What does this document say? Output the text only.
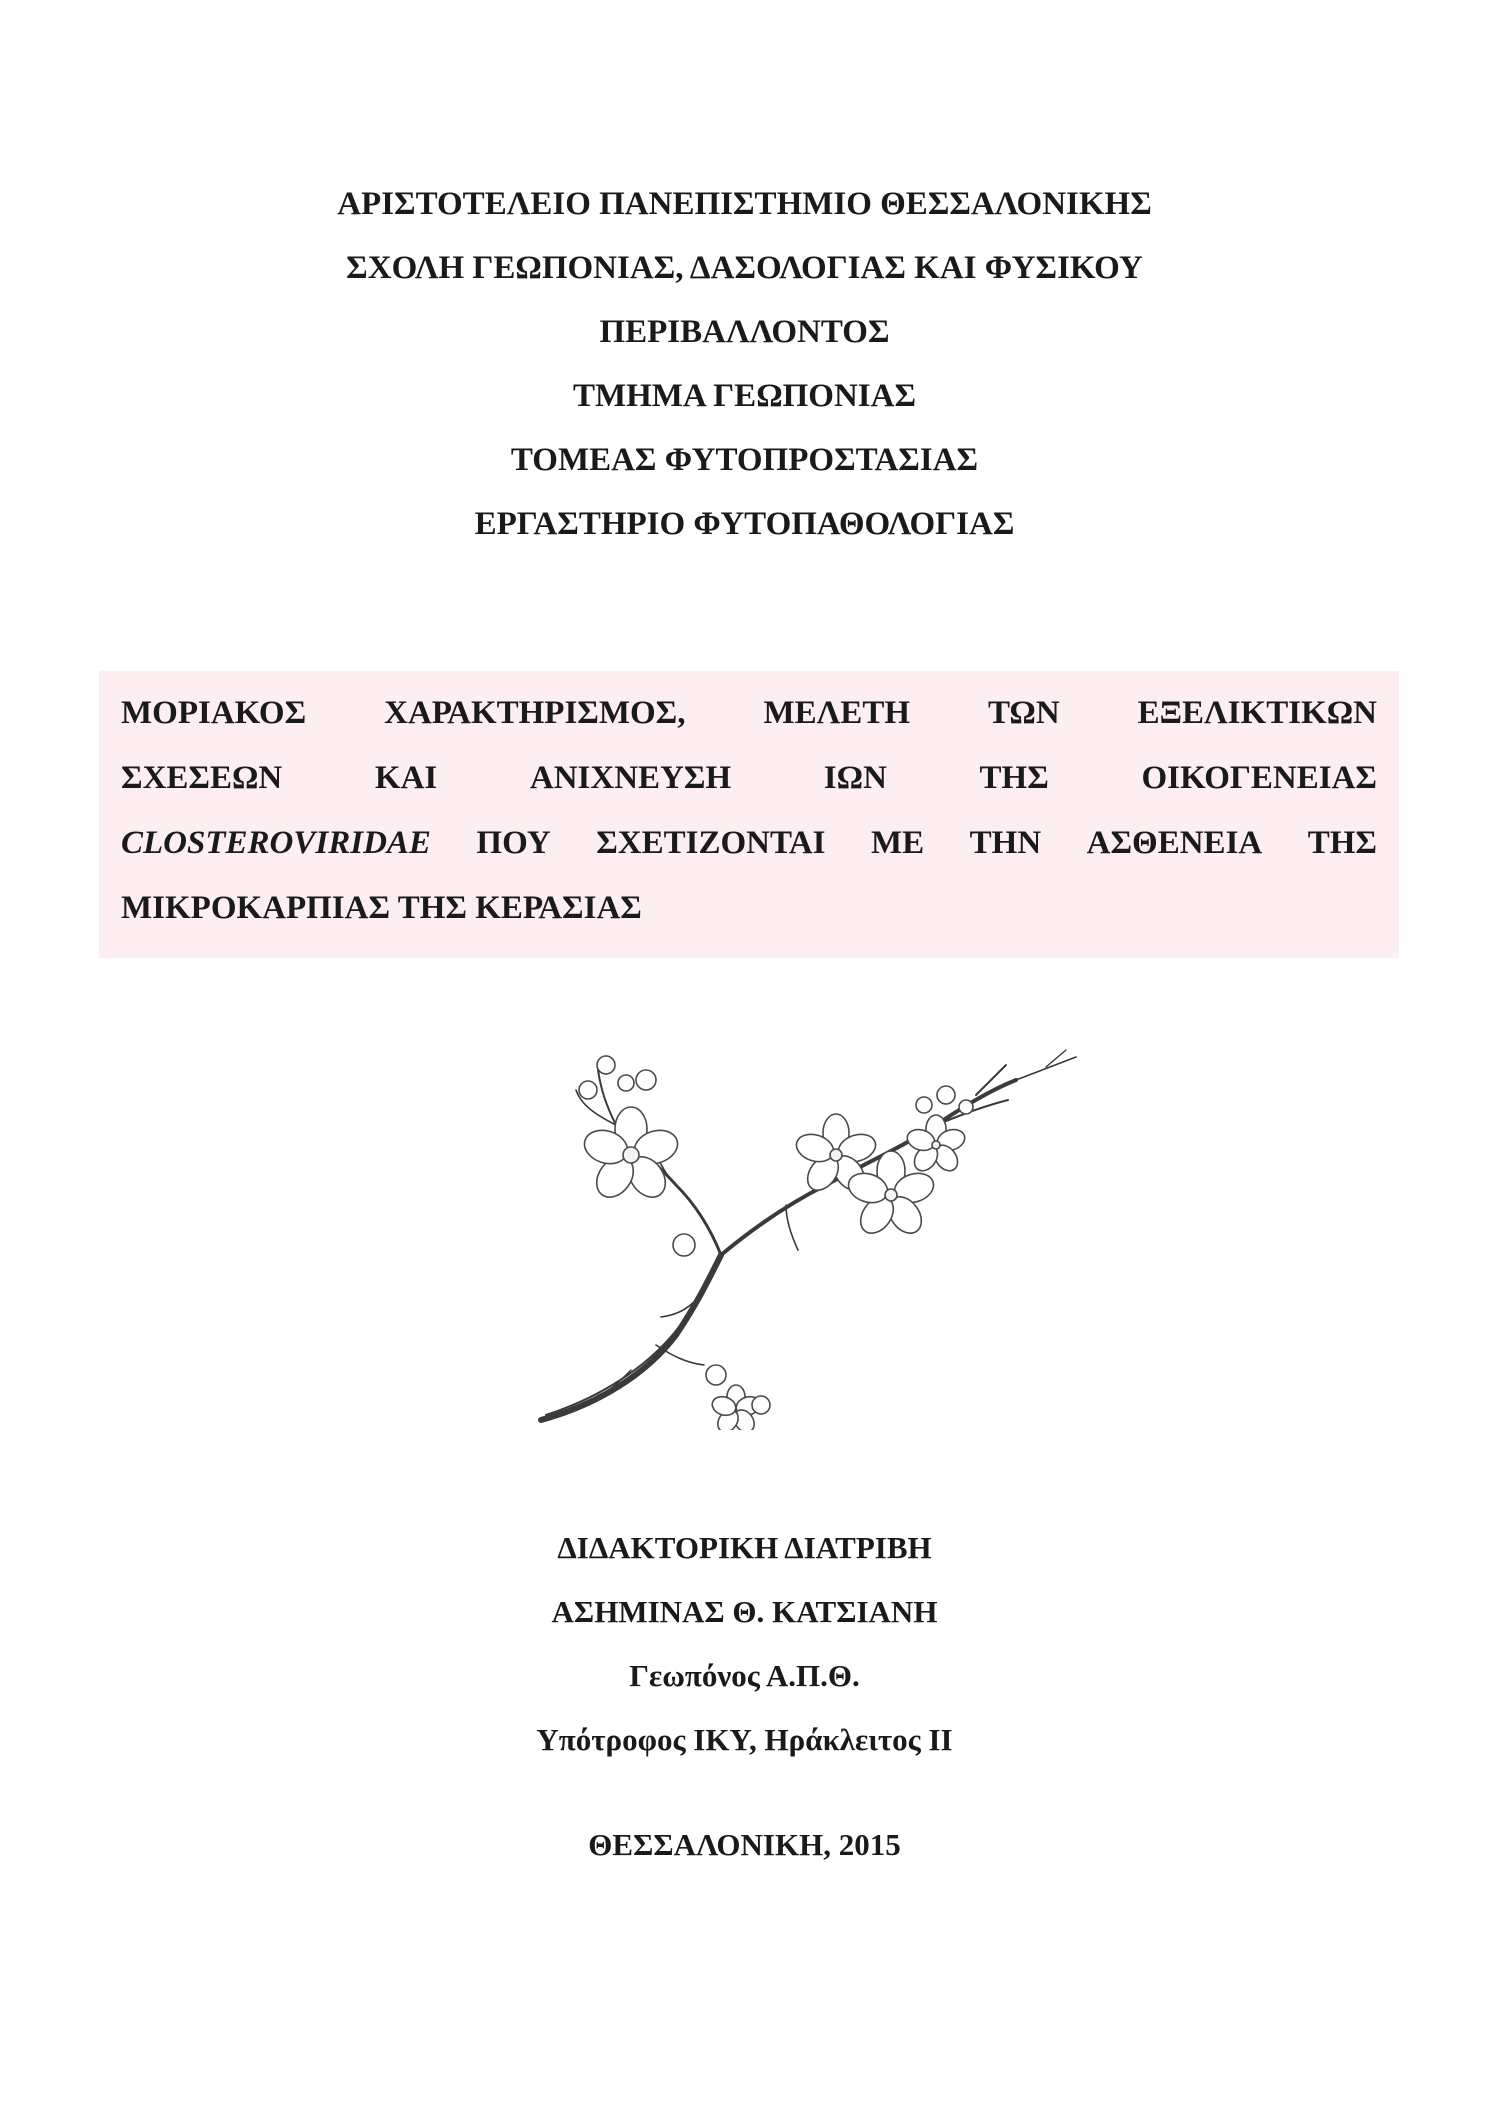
ΑΡΙΣΤΟΤΕΛΕΙΟ ΠΑΝΕΠΙΣΤΗΜΙΟ ΘΕΣΣΑΛΟΝΙΚΗΣ
ΣΧΟΛΗ ΓΕΩΠΟΝΙΑΣ, ΔΑΣΟΛΟΓΙΑΣ ΚΑΙ ΦΥΣΙΚΟΥ
ΠΕΡΙΒΑΛΛΟΝΤΟΣ
ΤΜΗΜΑ ΓΕΩΠΟΝΙΑΣ
ΤΟΜΕΑΣ ΦΥΤΟΠΡΟΣΤΑΣΙΑΣ
ΕΡΓΑΣΤΗΡΙΟ ΦΥΤΟΠΑΘΟΛΟΓΙΑΣ
ΜΟΡΙΑΚΟΣ ΧΑΡΑΚΤΗΡΙΣΜΟΣ, ΜΕΛΕΤΗ ΤΩΝ ΕΞΕΛΙΚΤΙΚΩΝ
ΣΧΕΣΕΩΝ	ΚΑΙ	ΑΝΙΧΝΕΥΣΗ	ΙΩΝ	ΤΗΣ	ΟΙΚΟΓΕΝΕΙΑΣ
CLOSTEROVIRIDAE ΠΟΥ ΣΧΕΤΙΖΟΝΤΑΙ ΜΕ ΤΗΝ ΑΣΘΕΝΕΙΑ ΤΗΣ
ΜΙΚΡΟΚΑΡΠΙΑΣ ΤΗΣ ΚΕΡΑΣΙΑΣ
ΔΙΔΑΚΤΟΡΙΚΗ ΔΙΑΤΡΙΒΗ
ΑΣΗΜΙΝΑΣ Θ. ΚΑΤΣΙΑΝΗ
Γεωπόνος Α.Π.Θ.
Υπότροφος ΙΚΥ, Ηράκλειτος ΙΙ
ΘΕΣΣΑΛΟΝΙΚΗ, 2015
